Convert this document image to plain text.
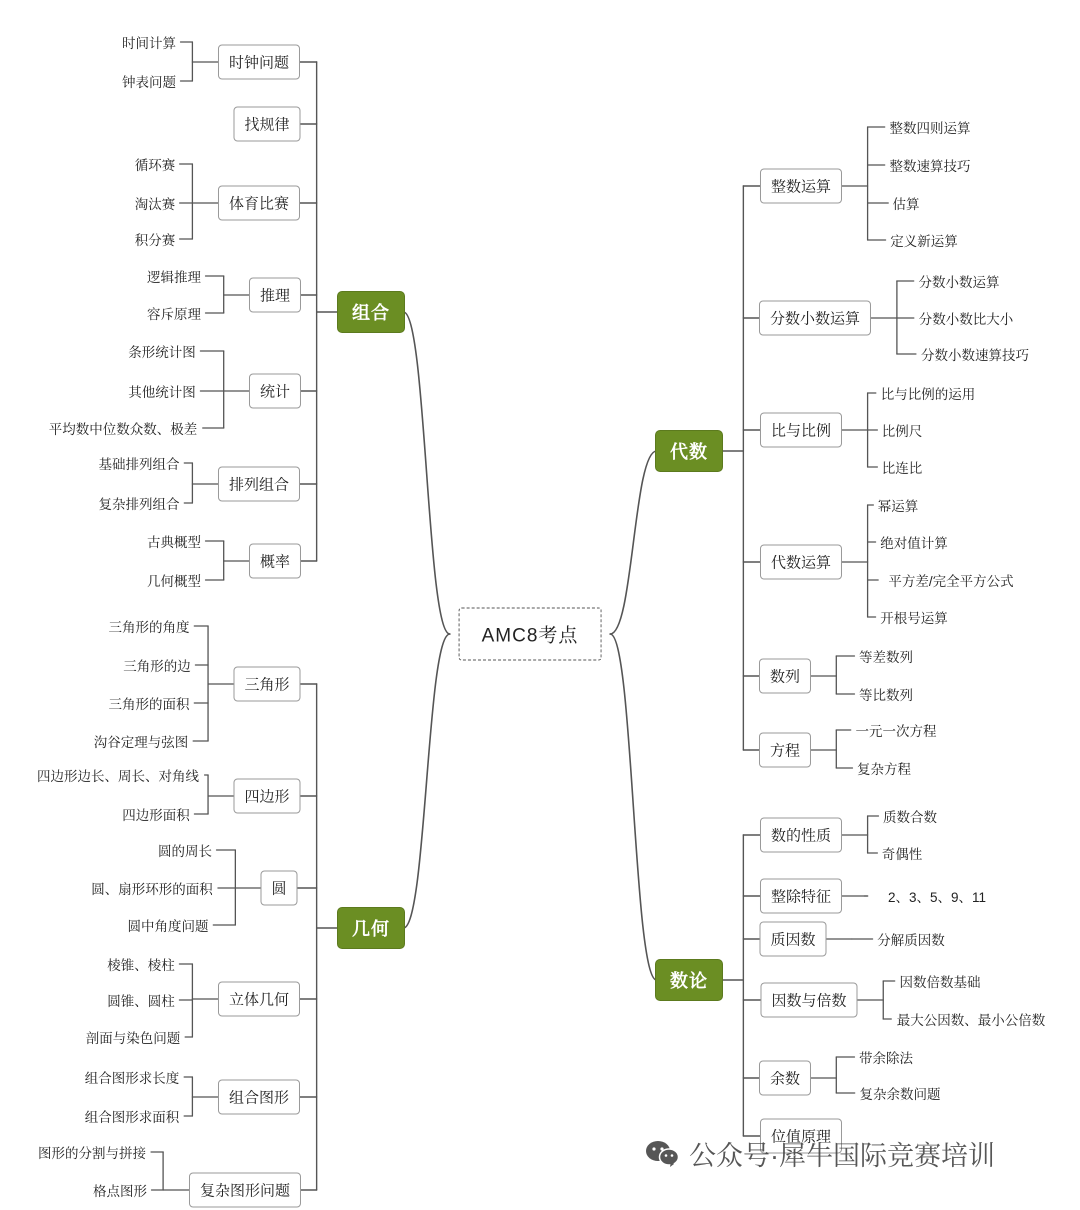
组合
时钟问题
时间计算
钟表问题
找规律
体育比赛
循环赛
淘汰赛
积分赛
推理
逻辑推理
容斥原理
统计
条形统计图
其他统计图
平均数中位数众数、极差
排列组合
基础排列组合
复杂排列组合
概率
古典概型
几何概型
几何
三角形
三角形的角度
三角形的边
三角形的面积
沟谷定理与弦图
四边形
四边形边长、周长、对角线
四边形面积
圆
圆的周长
圆、扇形环形的面积
圆中角度问题
立体几何
棱锥、棱柱
圆锥、圆柱
剖面与染色问题
组合图形
组合图形求长度
组合图形求面积
复杂图形问题
图形的分割与拼接
格点图形
代数
整数运算
整数四则运算
整数速算技巧
估算
定义新运算
分数小数运算
分数小数运算
分数小数比大小
分数小数速算技巧
比与比例
比与比例的运用
比例尺
比连比
代数运算
幂运算
绝对值计算
平方差/完全平方公式
开根号运算
数列
等差数列
等比数列
方程
一元一次方程
复杂方程
数论
数的性质
质数合数
奇偶性
整除特征	2、3、5、9、11
质因数	分解质因数
因数与倍数
因数倍数基础
最大公因数、最小公倍数
余数
带余除法
复杂余数问题
位值原理
AMC8考点
公众号·犀牛国际竞赛培训
